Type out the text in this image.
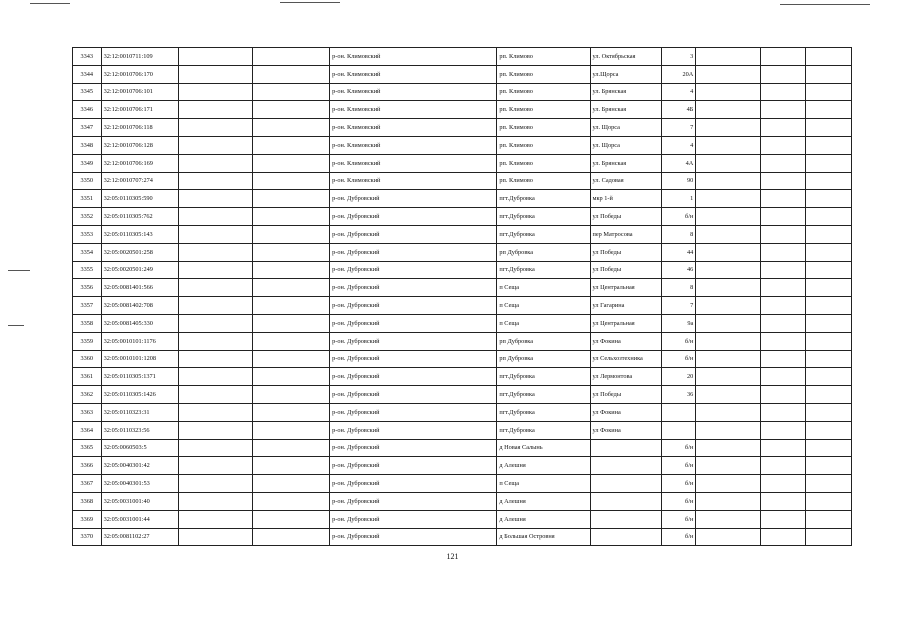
3343	32:12:0010711:109			р-он. Климовский	рп. Климово	ул. Октябрьская	3			
3344	32:12:0010706:170			р-он. Климовский	рп. Климово	ул.Щорса	20А			
3345	32:12:0010706:101			р-он. Климовский	рп. Климово	ул. Брянская	4			
3346	32:12:0010706:171			р-он. Климовский	рп. Климово	ул. Брянская	4Б			
3347	32:12:0010706:118			р-он. Климовский	рп. Климово	ул. Щорса	7			
3348	32:12:0010706:128			р-он. Климовский	рп. Климово	ул. Щорса	4			
3349	32:12:0010706:169			р-он. Климовский	рп. Климово	ул. Брянская	4А			
3350	32:12:0010707:274			р-он. Климовский	рп. Климово	ул. Садовая	90			
3351	32:05:0110305:590			р-он. Дубровский	пгт.Дубровка	мкр 1-й	1			
3352	32:05:0110305:762			р-он. Дубровский	пгт.Дубровка	ул Победы	б/н			
3353	32:05:0110305:143			р-он. Дубровский	пгт.Дубровка	пер Матросова	8			
3354	32:05:0020501:258			р-он. Дубровский	рп Дубровка	ул Победы	44			
3355	32:05:0020501:249			р-он. Дубровский	пгт.Дубровка	ул Победы	46			
3356	32:05:0081401:566			р-он. Дубровский	п Сеща	ул Центральная	8			
3357	32:05:0081402:708			р-он. Дубровский	п Сеща	ул Гагарина	7			
3358	32:05:0081405:330			р-он. Дубровский	п Сеща	ул Центральная	9а			
3359	32:05:0010101:1176			р-он. Дубровский	рп Дубровка	ул Фокина	б/н			
3360	32:05:0010101:1208			р-он. Дубровский	рп Дубровка	ул Сельхозтехника	б/н			
3361	32:05:0110305:1371			р-он. Дубровский	пгт.Дубровка	ул Лермонтова	20			
3362	32:05:0110305:1426			р-он. Дубровский	пгт.Дубровка	ул Победы	36			
3363	32:05:0110323:31			р-он. Дубровский	пгт.Дубровка	ул Фокина				
3364	32:05:0110323:56			р-он. Дубровский	пгт.Дубровка	ул Фокина				
3365	32:05:0060503:5			р-он. Дубровский	д Новая Салынь		б/н			
3366	32:05:0040301:42			р-он. Дубровский	д Алешня		б/н			
3367	32:05:0040301:53			р-он. Дубровский	п Сеща		б/н			
3368	32:05:0031001:40			р-он. Дубровский	д Алешня		б/н			
3369	32:05:0031001:44			р-он. Дубровский	д Алешня		б/н			
3370	32:05:0081102:27			р-он. Дубровский	д Большая Островня		б/н			
121
